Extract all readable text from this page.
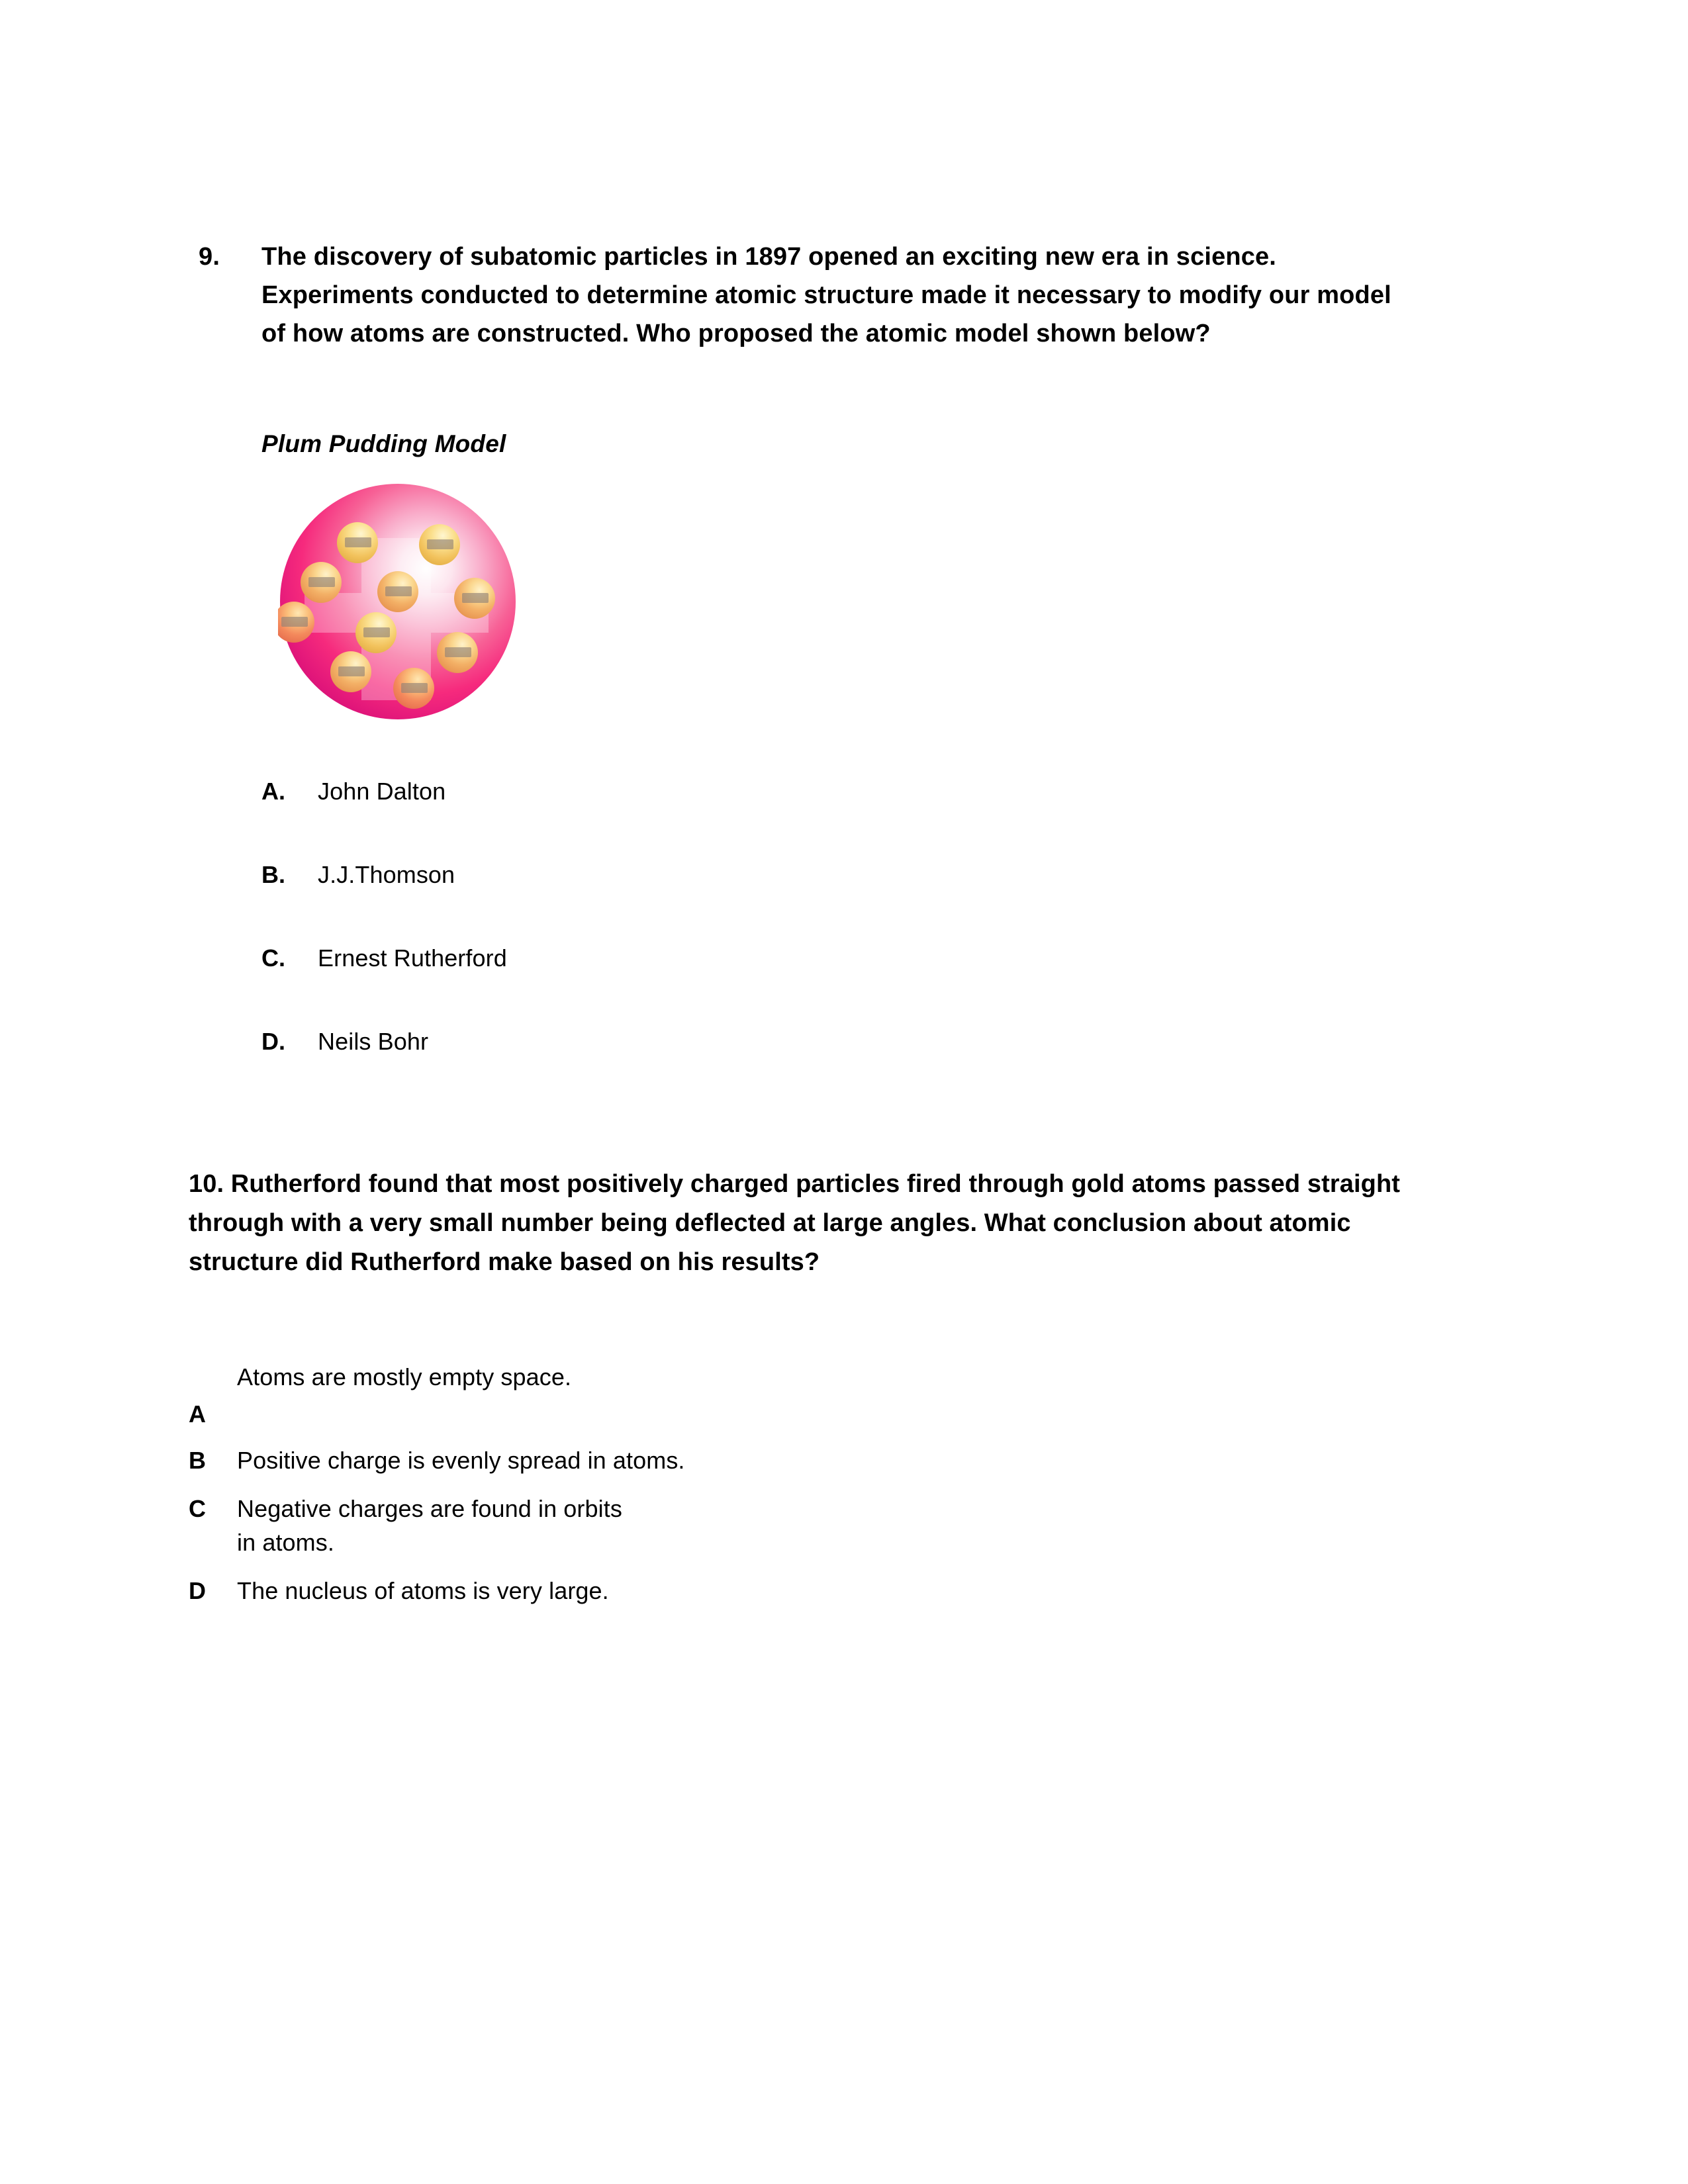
9.	The discovery of subatomic particles in 1897 opened an exciting new era in science. Experiments conducted to determine atomic structure made it necessary to modify our model of how atoms are constructed. Who proposed the atomic model shown below?
Plum Pudding Model
A.	John Dalton
B.	J.J.Thomson
C.	Ernest Rutherford
D.	Neils Bohr
10. Rutherford found that most positively charged particles fired through gold atoms passed straight through with a very small number being deflected at large angles. What conclusion about atomic structure did Rutherford make based on his results?
Atoms are mostly empty space.
A
B	Positive charge is evenly spread in atoms.
C	Negative charges are found in orbits in atoms.
D	The nucleus of atoms is very large.
